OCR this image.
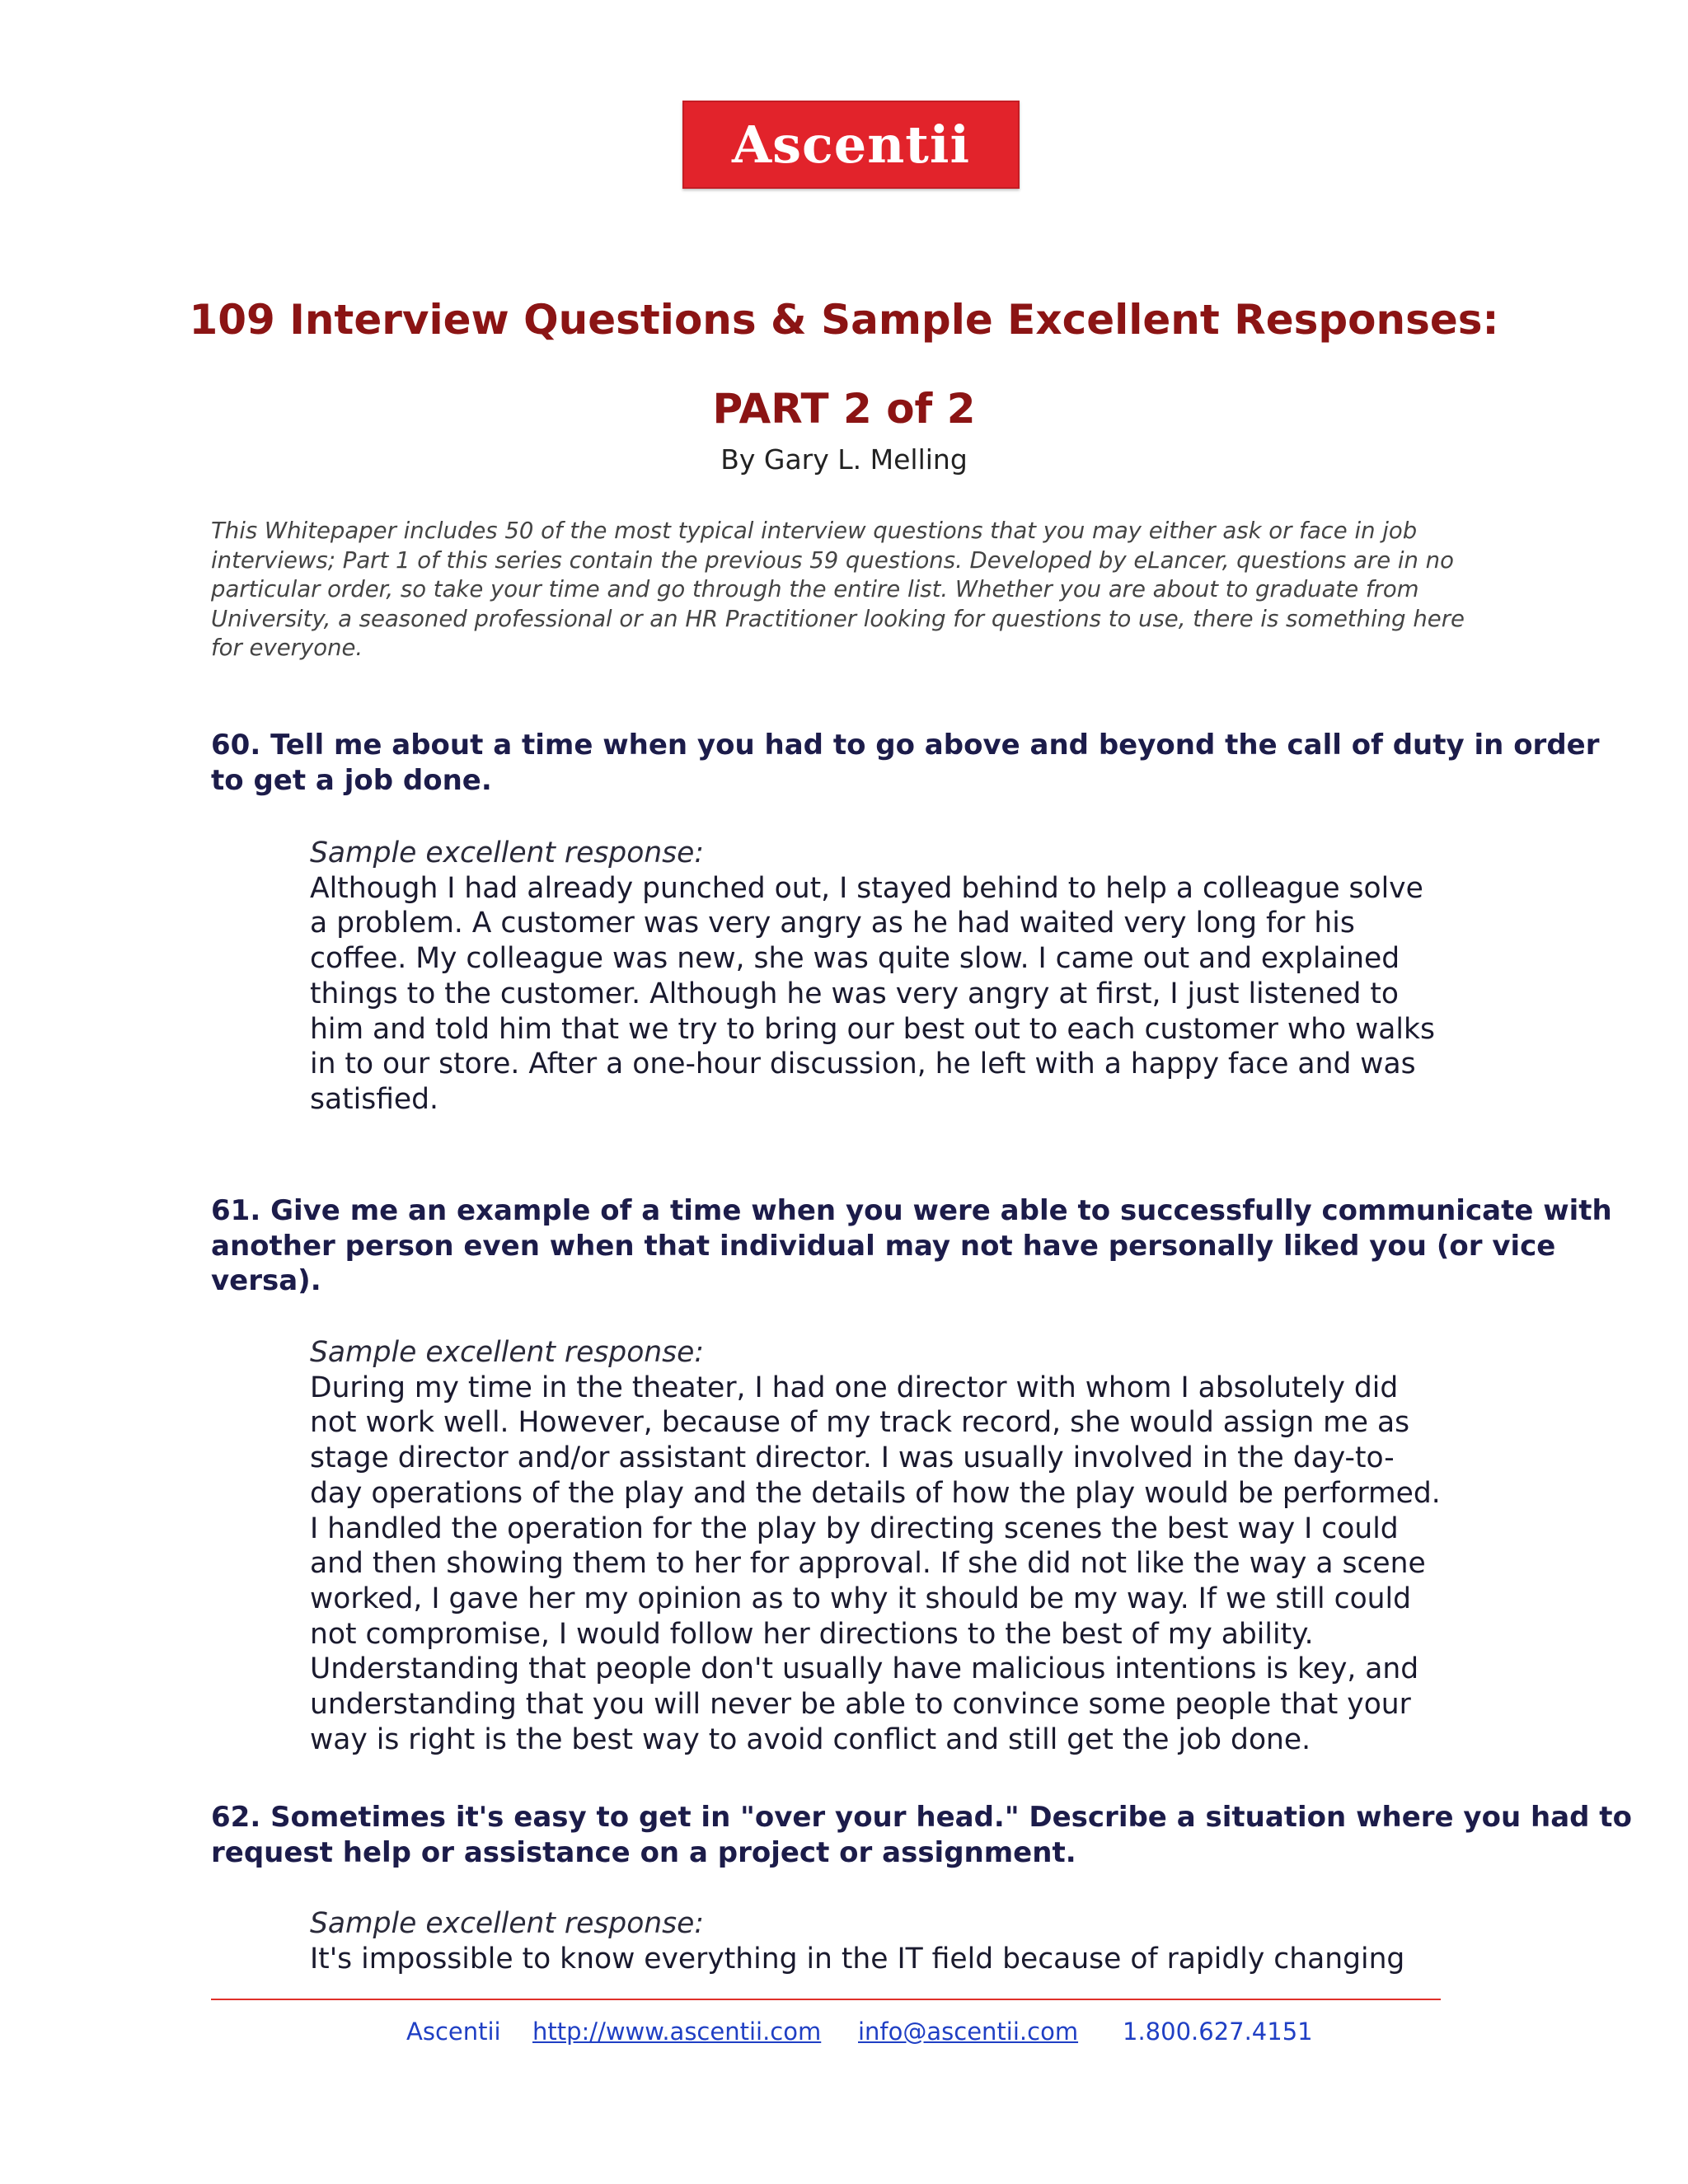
Ascentii
109 Interview Questions & Sample Excellent Responses:
PART 2 of 2
By Gary L. Melling
This Whitepaper includes 50 of the most typical interview questions that you may either ask or face in job
interviews; Part 1 of this series contain the previous 59 questions. Developed by eLancer, questions are in no
particular order, so take your time and go through the entire list. Whether you are about to graduate from
University, a seasoned professional or an HR Practitioner looking for questions to use, there is something here
for everyone.
60. Tell me about a time when you had to go above and beyond the call of duty in order
to get a job done.
Sample excellent response:
Although I had already punched out, I stayed behind to help a colleague solve
a problem. A customer was very angry as he had waited very long for his
coffee. My colleague was new, she was quite slow. I came out and explained
things to the customer. Although he was very angry at first, I just listened to
him and told him that we try to bring our best out to each customer who walks
in to our store. After a one-hour discussion, he left with a happy face and was
satisfied.
61. Give me an example of a time when you were able to successfully communicate with
another person even when that individual may not have personally liked you (or vice
versa).
Sample excellent response:
During my time in the theater, I had one director with whom I absolutely did
not work well. However, because of my track record, she would assign me as
stage director and/or assistant director. I was usually involved in the day-to-
day operations of the play and the details of how the play would be performed.
I handled the operation for the play by directing scenes the best way I could
and then showing them to her for approval. If she did not like the way a scene
worked, I gave her my opinion as to why it should be my way. If we still could
not compromise, I would follow her directions to the best of my ability.
Understanding that people don't usually have malicious intentions is key, and
understanding that you will never be able to convince some people that your
way is right is the best way to avoid conflict and still get the job done.
62. Sometimes it's easy to get in "over your head." Describe a situation where you had to
request help or assistance on a project or assignment.
Sample excellent response:
It's impossible to know everything in the IT field because of rapidly changing
Ascentii http://www.ascentii.com info@ascentii.com 1.800.627.4151
